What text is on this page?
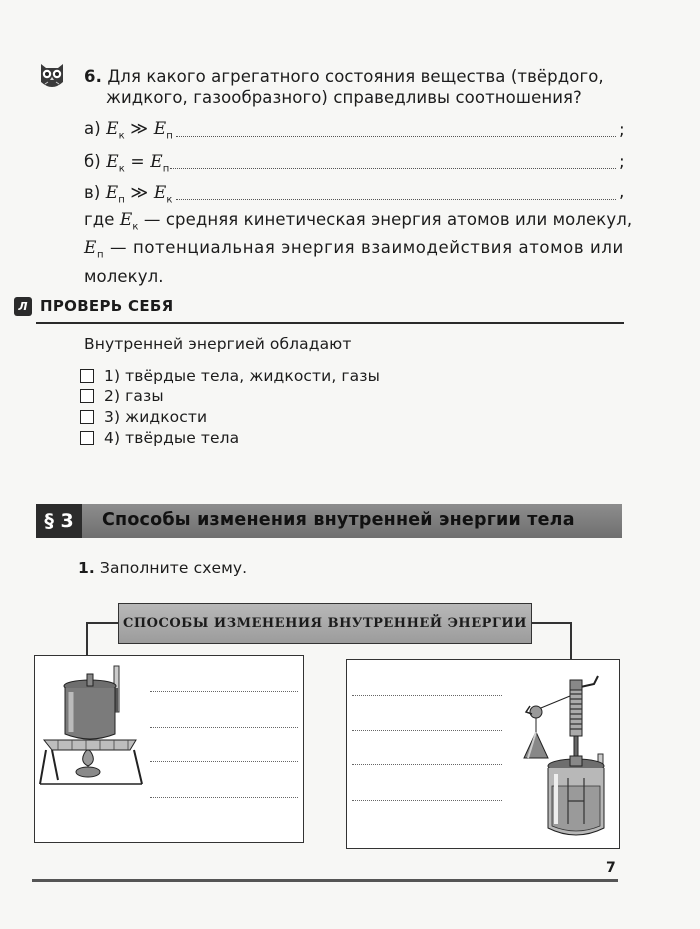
6. Для какого агрегатного состояния вещества (твёрдого,
жидкого, газообразного) справедливы соотношения?
а) $E_к$ ≫ $E_п$	;
б) $E_к = E_п$	;
в) $E_п$ ≫ $E_к$	,
где $E_к$ — средняя кинетическая энергия атомов или молекул,
$E_п$ — потенциальная энергия взаимодействия атомов или
молекул.
Л ПРОВЕРЬ СЕБЯ
Внутренней энергией обладают
1) твёрдые тела, жидкости, газы
2) газы
3) жидкости
4) твёрдые тела
§ 3	Способы изменения внутренней энергии тела
1. Заполните схему.
СПОСОБЫ ИЗМЕНЕНИЯ ВНУТРЕННЕЙ ЭНЕРГИИ
7
